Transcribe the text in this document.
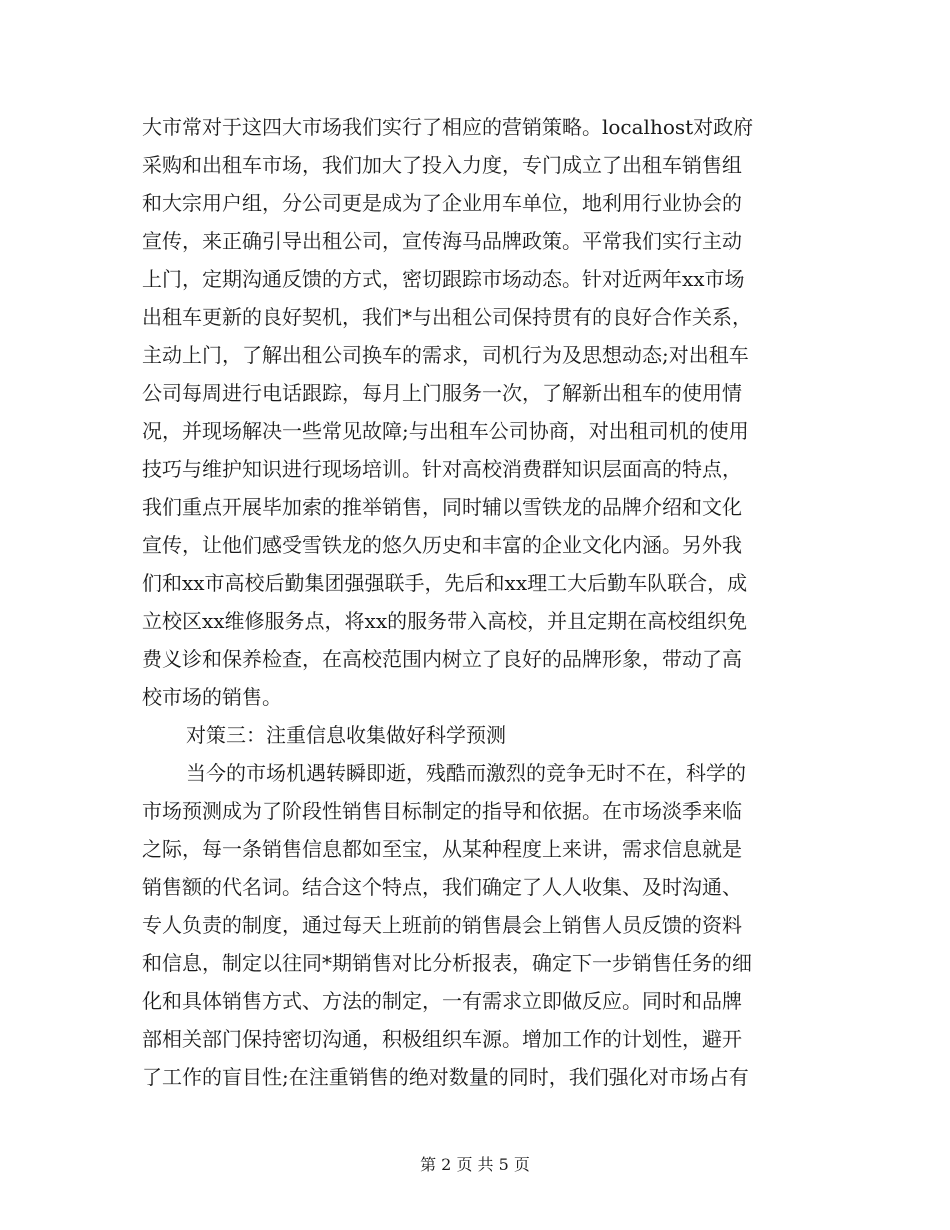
大市常对于这四大市场我们实行了相应的营销策略。localhost对政府
采购和出租车市场，我们加大了投入力度，专门成立了出租车销售组
和大宗用户组，分公司更是成为了企业用车单位，地利用行业协会的
宣传，来正确引导出租公司，宣传海马品牌政策。平常我们实行主动
上门，定期沟通反馈的方式，密切跟踪市场动态。针对近两年xx市场
出租车更新的良好契机，我们*与出租公司保持贯有的良好合作关系，
主动上门，了解出租公司换车的需求，司机行为及思想动态;对出租车
公司每周进行电话跟踪，每月上门服务一次，了解新出租车的使用情
况，并现场解决一些常见故障;与出租车公司协商，对出租司机的使用
技巧与维护知识进行现场培训。针对高校消费群知识层面高的特点，
我们重点开展毕加索的推举销售，同时辅以雪铁龙的品牌介绍和文化
宣传，让他们感受雪铁龙的悠久历史和丰富的企业文化内涵。另外我
们和xx市高校后勤集团强强联手，先后和xx理工大后勤车队联合，成
立校区xx维修服务点，将xx的服务带入高校，并且定期在高校组织免
费义诊和保养检查，在高校范围内树立了良好的品牌形象，带动了高
校市场的销售。
对策三：注重信息收集做好科学预测
当今的市场机遇转瞬即逝，残酷而激烈的竞争无时不在，科学的
市场预测成为了阶段性销售目标制定的指导和依据。在市场淡季来临
之际，每一条销售信息都如至宝，从某种程度上来讲，需求信息就是
销售额的代名词。结合这个特点，我们确定了人人收集、及时沟通、
专人负责的制度，通过每天上班前的销售晨会上销售人员反馈的资料
和信息，制定以往同*期销售对比分析报表，确定下一步销售任务的细
化和具体销售方式、方法的制定，一有需求立即做反应。同时和品牌
部相关部门保持密切沟通，积极组织车源。增加工作的计划性，避开
了工作的盲目性;在注重销售的绝对数量的同时，我们强化对市场占有
第 2 页 共 5 页
